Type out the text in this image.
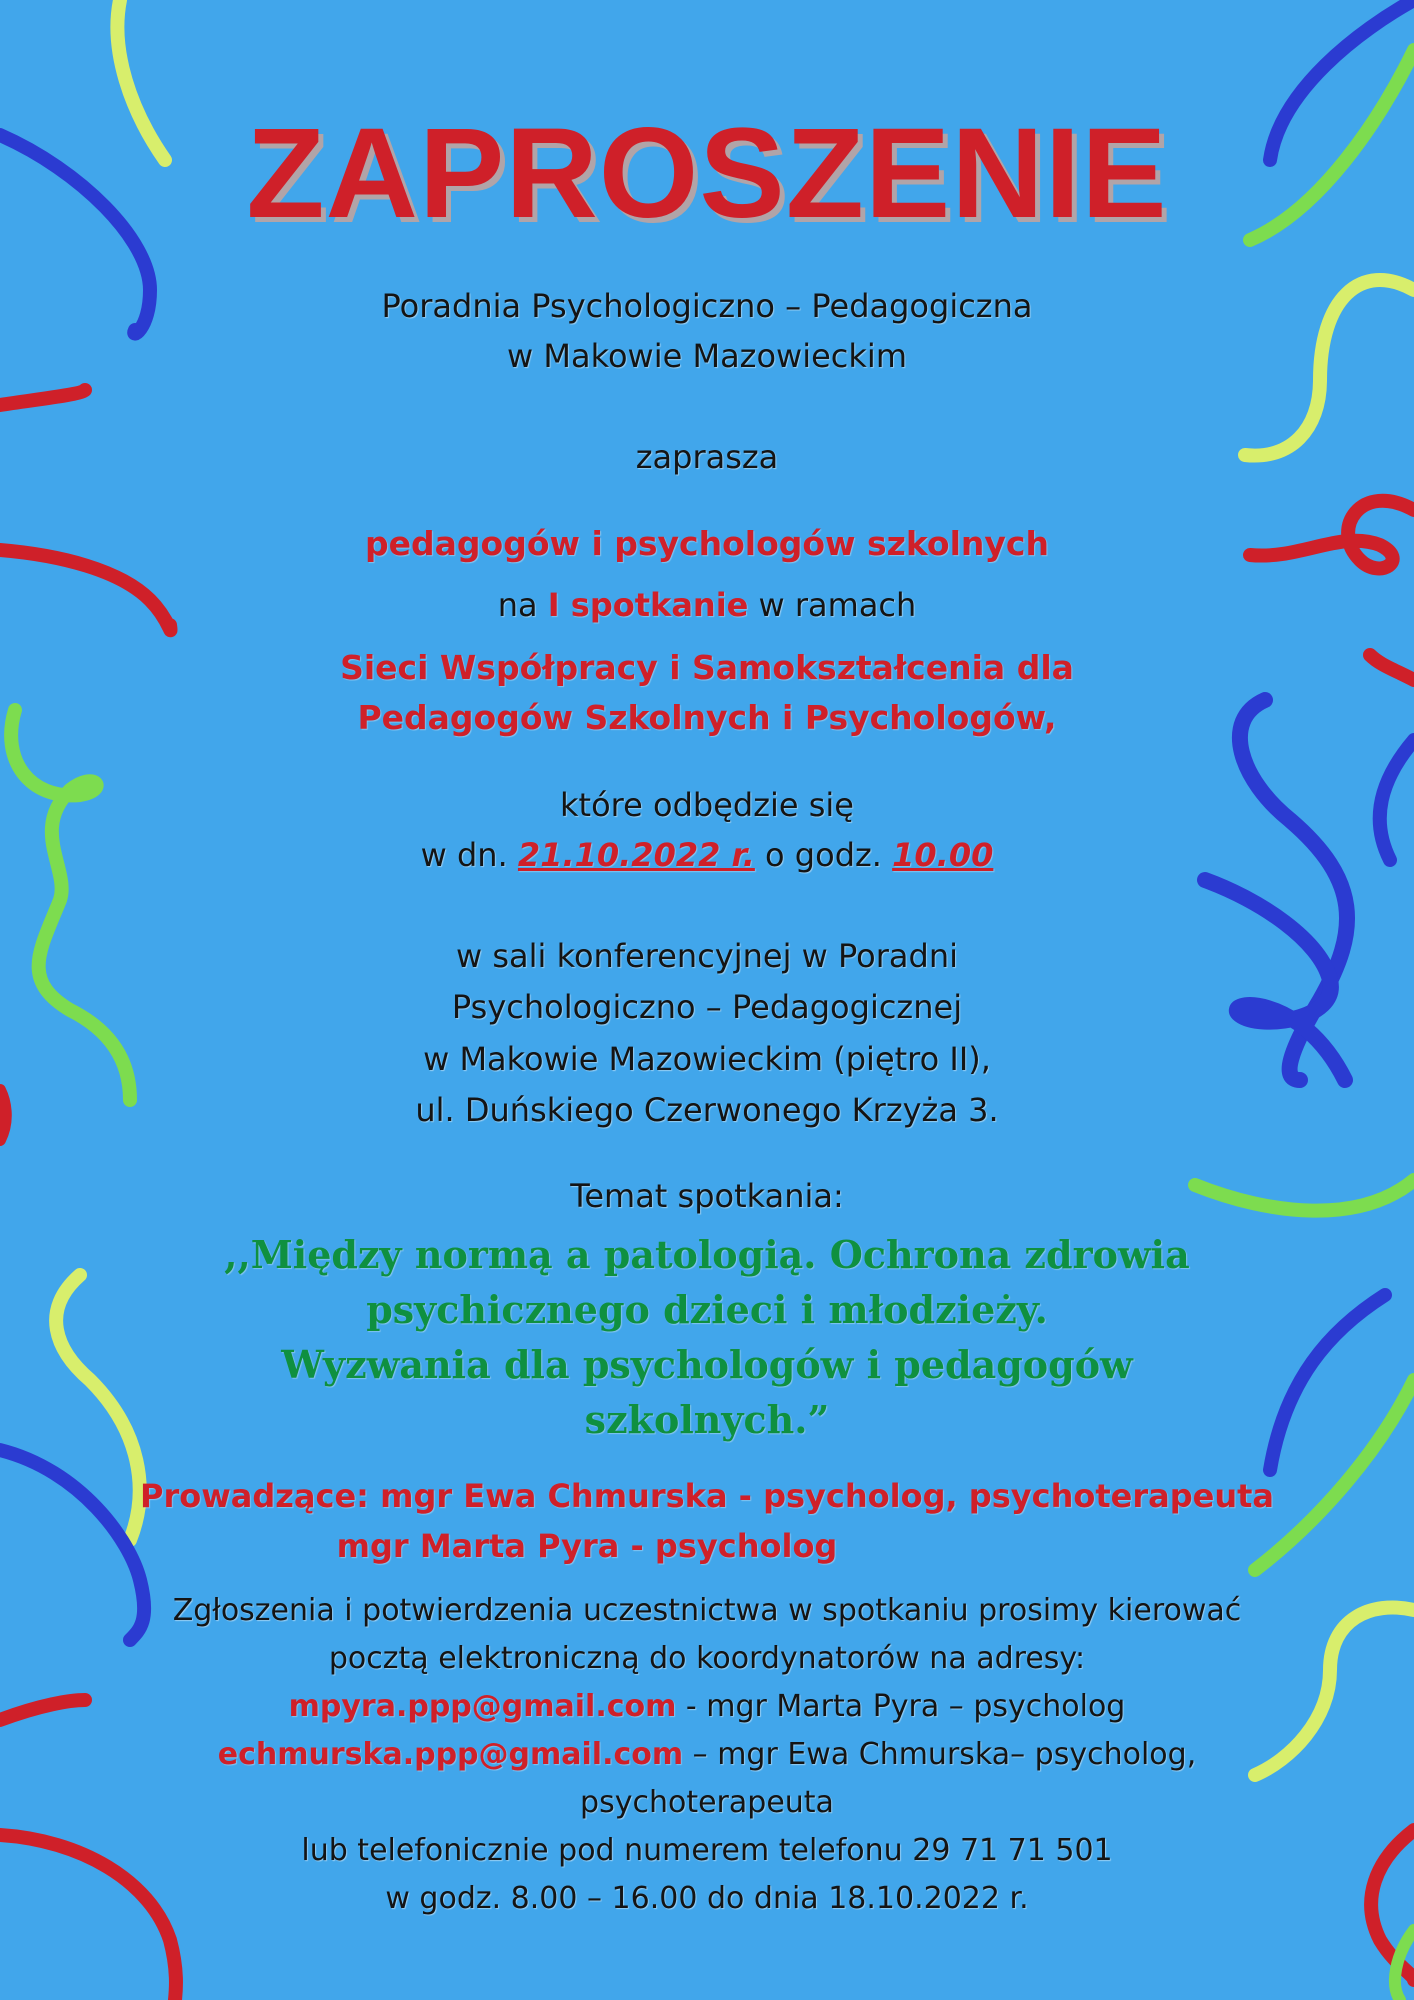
ZAPROSZENIE
Poradnia Psychologiczno – Pedagogiczna
w Makowie Mazowieckim
zaprasza
pedagogów i psychologów szkolnych
na I spotkanie w ramach
Sieci Współpracy i Samokształcenia dla
Pedagogów Szkolnych i Psychologów,
które odbędzie się
w dn. 21.10.2022 r. o godz. 10.00
w sali konferencyjnej w Poradni
Psychologiczno – Pedagogicznej
w Makowie Mazowieckim (piętro II),
ul. Duńskiego Czerwonego Krzyża 3.
Temat spotkania:
,,Między normą a patologią. Ochrona zdrowia
psychicznego dzieci i młodzieży.
Wyzwania dla psychologów i pedagogów
szkolnych.”
Prowadzące: mgr Ewa Chmurska - psycholog, psychoterapeuta
mgr Marta Pyra - psycholog
Zgłoszenia i potwierdzenia uczestnictwa w spotkaniu prosimy kierować
pocztą elektroniczną do koordynatorów na adresy:
mpyra.ppp@gmail.com - mgr Marta Pyra – psycholog
echmurska.ppp@gmail.com – mgr Ewa Chmurska– psycholog,
psychoterapeuta
lub telefonicznie pod numerem telefonu 29 71 71 501
w godz. 8.00 – 16.00 do dnia 18.10.2022 r.
